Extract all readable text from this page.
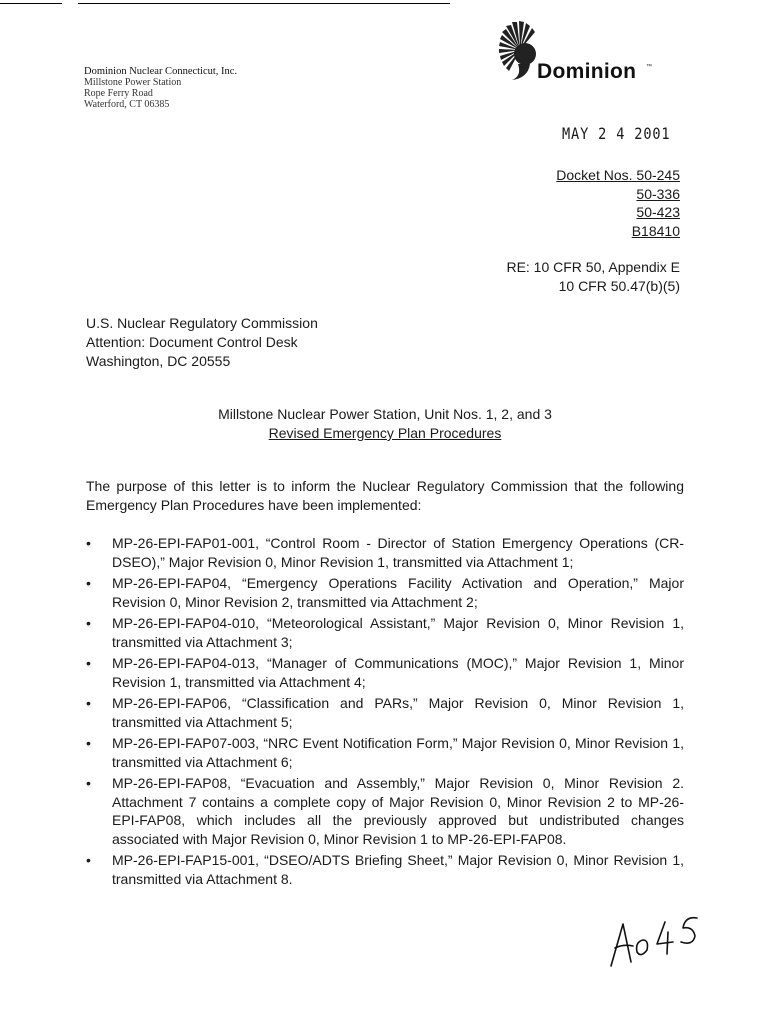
Dominion Nuclear Connecticut, Inc.
Millstone Power Station
Rope Ferry Road
Waterford, CT 06385
Dominion ™
MAY 2 4 2001
Docket Nos. 50-245
50-336
50-423
B18410
RE: 10 CFR 50, Appendix E
10 CFR 50.47(b)(5)
U.S. Nuclear Regulatory Commission
Attention: Document Control Desk
Washington, DC 20555
Millstone Nuclear Power Station, Unit Nos. 1, 2, and 3
Revised Emergency Plan Procedures
The purpose of this letter is to inform the Nuclear Regulatory Commission that the following Emergency Plan Procedures have been implemented:
• MP-26-EPI-FAP01-001, “Control Room - Director of Station Emergency Operations (CR-DSEO),” Major Revision 0, Minor Revision 1, transmitted via Attachment 1;
• MP-26-EPI-FAP04, “Emergency Operations Facility Activation and Operation,” Major Revision 0, Minor Revision 2, transmitted via Attachment 2;
• MP-26-EPI-FAP04-010, “Meteorological Assistant,” Major Revision 0, Minor Revision 1, transmitted via Attachment 3;
• MP-26-EPI-FAP04-013, “Manager of Communications (MOC),” Major Revision 1, Minor Revision 1, transmitted via Attachment 4;
• MP-26-EPI-FAP06, “Classification and PARs,” Major Revision 0, Minor Revision 1, transmitted via Attachment 5;
• MP-26-EPI-FAP07-003, “NRC Event Notification Form,” Major Revision 0, Minor Revision 1, transmitted via Attachment 6;
• MP-26-EPI-FAP08, “Evacuation and Assembly,” Major Revision 0, Minor Revision 2. Attachment 7 contains a complete copy of Major Revision 0, Minor Revision 2 to MP-26-EPI-FAP08, which includes all the previously approved but undistributed changes associated with Major Revision 0, Minor Revision 1 to MP-26-EPI-FAP08.
• MP-26-EPI-FAP15-001, “DSEO/ADTS Briefing Sheet,” Major Revision 0, Minor Revision 1, transmitted via Attachment 8.
